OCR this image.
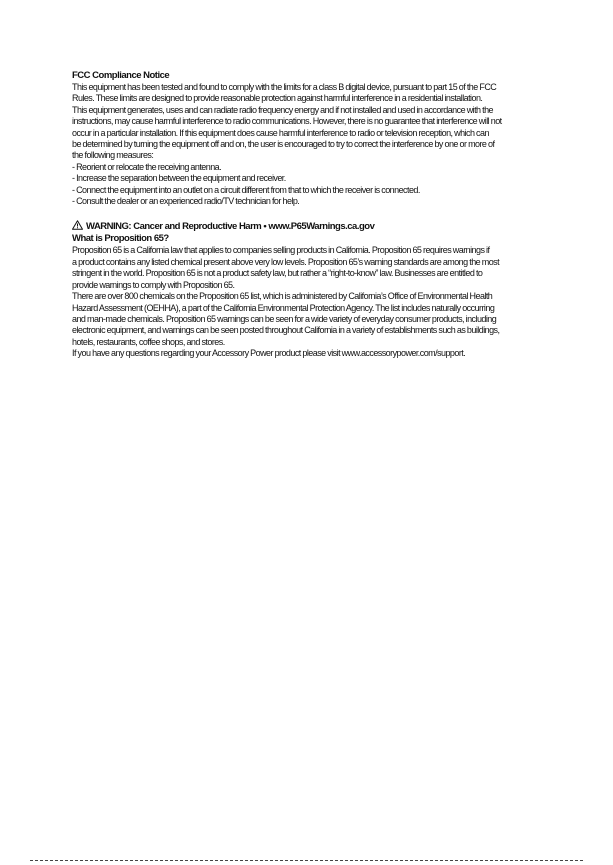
FCC Compliance Notice

This equipment has been tested and found to comply with the limits for a class B digital device, pursuant to part 15 of the FCC

Rules. These limits are designed to provide reasonable protection against harmful interference in a residential installation.

This equipment generates, uses and can radiate radio frequency energy and if not installed and used in accordance with the

instructions, may cause harmful interference to radio communications. However, there is no guarantee that interference will not

occur in a particular installation. If this equipment does cause harmful interference to radio or television reception, which can

be determined by turning the equipment off and on, the user is encouraged to try to correct the interference by one or more of

the following measures:

- Reorient or relocate the receiving antenna.

- Increase the separation between the equipment and receiver.

- Connect the equipment into an outlet on a circuit different from that to which the receiver is connected.

- Consult the dealer or an experienced radio/TV technician for help.

WARNING: Cancer and Reproductive Harm • www.P65Warnings.ca.gov

What is Proposition 65?

Proposition 65 is a California law that applies to companies selling products in California. Proposition 65 requires warnings if

a product contains any listed chemical present above very low levels. Proposition 65’s warning standards are among the most

stringent in the world. Proposition 65 is not a product safety law, but rather a “right-to-know” law. Businesses are entitled to

provide warnings to comply with Proposition 65.

There are over 800 chemicals on the Proposition 65 list, which is administered by California’s Office of Environmental Health

Hazard Assessment (OEHHA), a part of the California Environmental Protection Agency. The list includes naturally occurring

and man-made chemicals. Proposition 65 warnings can be seen for a wide variety of everyday consumer products, including

electronic equipment, and warnings can be seen posted throughout California in a variety of establishments such as buildings,

hotels, restaurants, coffee shops, and stores.

If you have any questions regarding your Accessory Power product please visit www.accessorypower.com/support.
